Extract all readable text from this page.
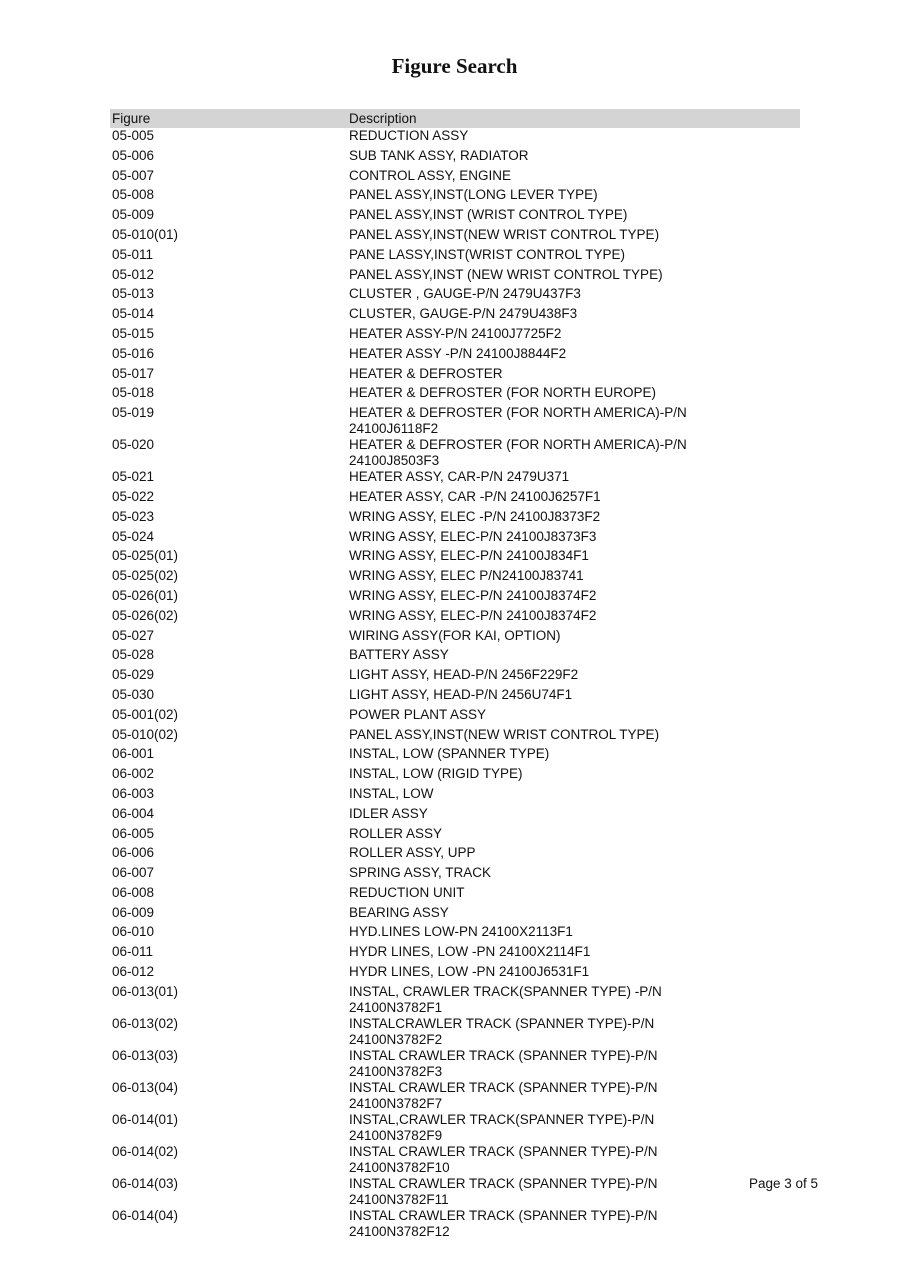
Figure Search
Figure	Description
05-005	REDUCTION ASSY
05-006	SUB TANK ASSY, RADIATOR
05-007	CONTROL ASSY, ENGINE
05-008	PANEL ASSY,INST(LONG LEVER TYPE)
05-009	PANEL ASSY,INST (WRIST CONTROL TYPE)
05-010(01)	PANEL ASSY,INST(NEW WRIST CONTROL TYPE)
05-011	PANE LASSY,INST(WRIST CONTROL TYPE)
05-012	PANEL ASSY,INST (NEW WRIST CONTROL TYPE)
05-013	CLUSTER , GAUGE-P/N 2479U437F3
05-014	CLUSTER, GAUGE-P/N 2479U438F3
05-015	HEATER ASSY-P/N 24100J7725F2
05-016	HEATER ASSY -P/N 24100J8844F2
05-017	HEATER & DEFROSTER
05-018	HEATER & DEFROSTER (FOR NORTH EUROPE)
05-019	HEATER & DEFROSTER (FOR NORTH AMERICA)-P/N 24100J6118F2
05-020	HEATER & DEFROSTER (FOR NORTH AMERICA)-P/N 24100J8503F3
05-021	HEATER ASSY, CAR-P/N 2479U371
05-022	HEATER ASSY, CAR -P/N 24100J6257F1
05-023	WRING ASSY, ELEC -P/N 24100J8373F2
05-024	WRING ASSY, ELEC-P/N 24100J8373F3
05-025(01)	WRING ASSY, ELEC-P/N 24100J834F1
05-025(02)	WRING ASSY, ELEC P/N24100J83741
05-026(01)	WRING ASSY, ELEC-P/N 24100J8374F2
05-026(02)	WRING ASSY, ELEC-P/N 24100J8374F2
05-027	WIRING ASSY(FOR KAI, OPTION)
05-028	BATTERY ASSY
05-029	LIGHT ASSY, HEAD-P/N 2456F229F2
05-030	LIGHT ASSY, HEAD-P/N 2456U74F1
05-001(02)	POWER PLANT ASSY
05-010(02)	PANEL ASSY,INST(NEW WRIST CONTROL TYPE)
06-001	INSTAL, LOW (SPANNER TYPE)
06-002	INSTAL, LOW (RIGID TYPE)
06-003	INSTAL, LOW
06-004	IDLER ASSY
06-005	ROLLER ASSY
06-006	ROLLER ASSY, UPP
06-007	SPRING ASSY, TRACK
06-008	REDUCTION UNIT
06-009	BEARING ASSY
06-010	HYD.LINES LOW-PN 24100X2113F1
06-011	HYDR LINES, LOW -PN 24100X2114F1
06-012	HYDR LINES, LOW -PN 24100J6531F1
06-013(01)	INSTAL, CRAWLER TRACK(SPANNER TYPE) -P/N 24100N3782F1
06-013(02)	INSTALCRAWLER TRACK (SPANNER TYPE)-P/N 24100N3782F2
06-013(03)	INSTAL CRAWLER TRACK (SPANNER TYPE)-P/N 24100N3782F3
06-013(04)	INSTAL CRAWLER TRACK (SPANNER TYPE)-P/N 24100N3782F7
06-014(01)	INSTAL,CRAWLER TRACK(SPANNER TYPE)-P/N 24100N3782F9
06-014(02)	INSTAL CRAWLER TRACK (SPANNER TYPE)-P/N 24100N3782F10
06-014(03)	INSTAL CRAWLER TRACK (SPANNER TYPE)-P/N 24100N3782F11
06-014(04)	INSTAL CRAWLER TRACK (SPANNER TYPE)-P/N 24100N3782F12
Page 3 of 5
